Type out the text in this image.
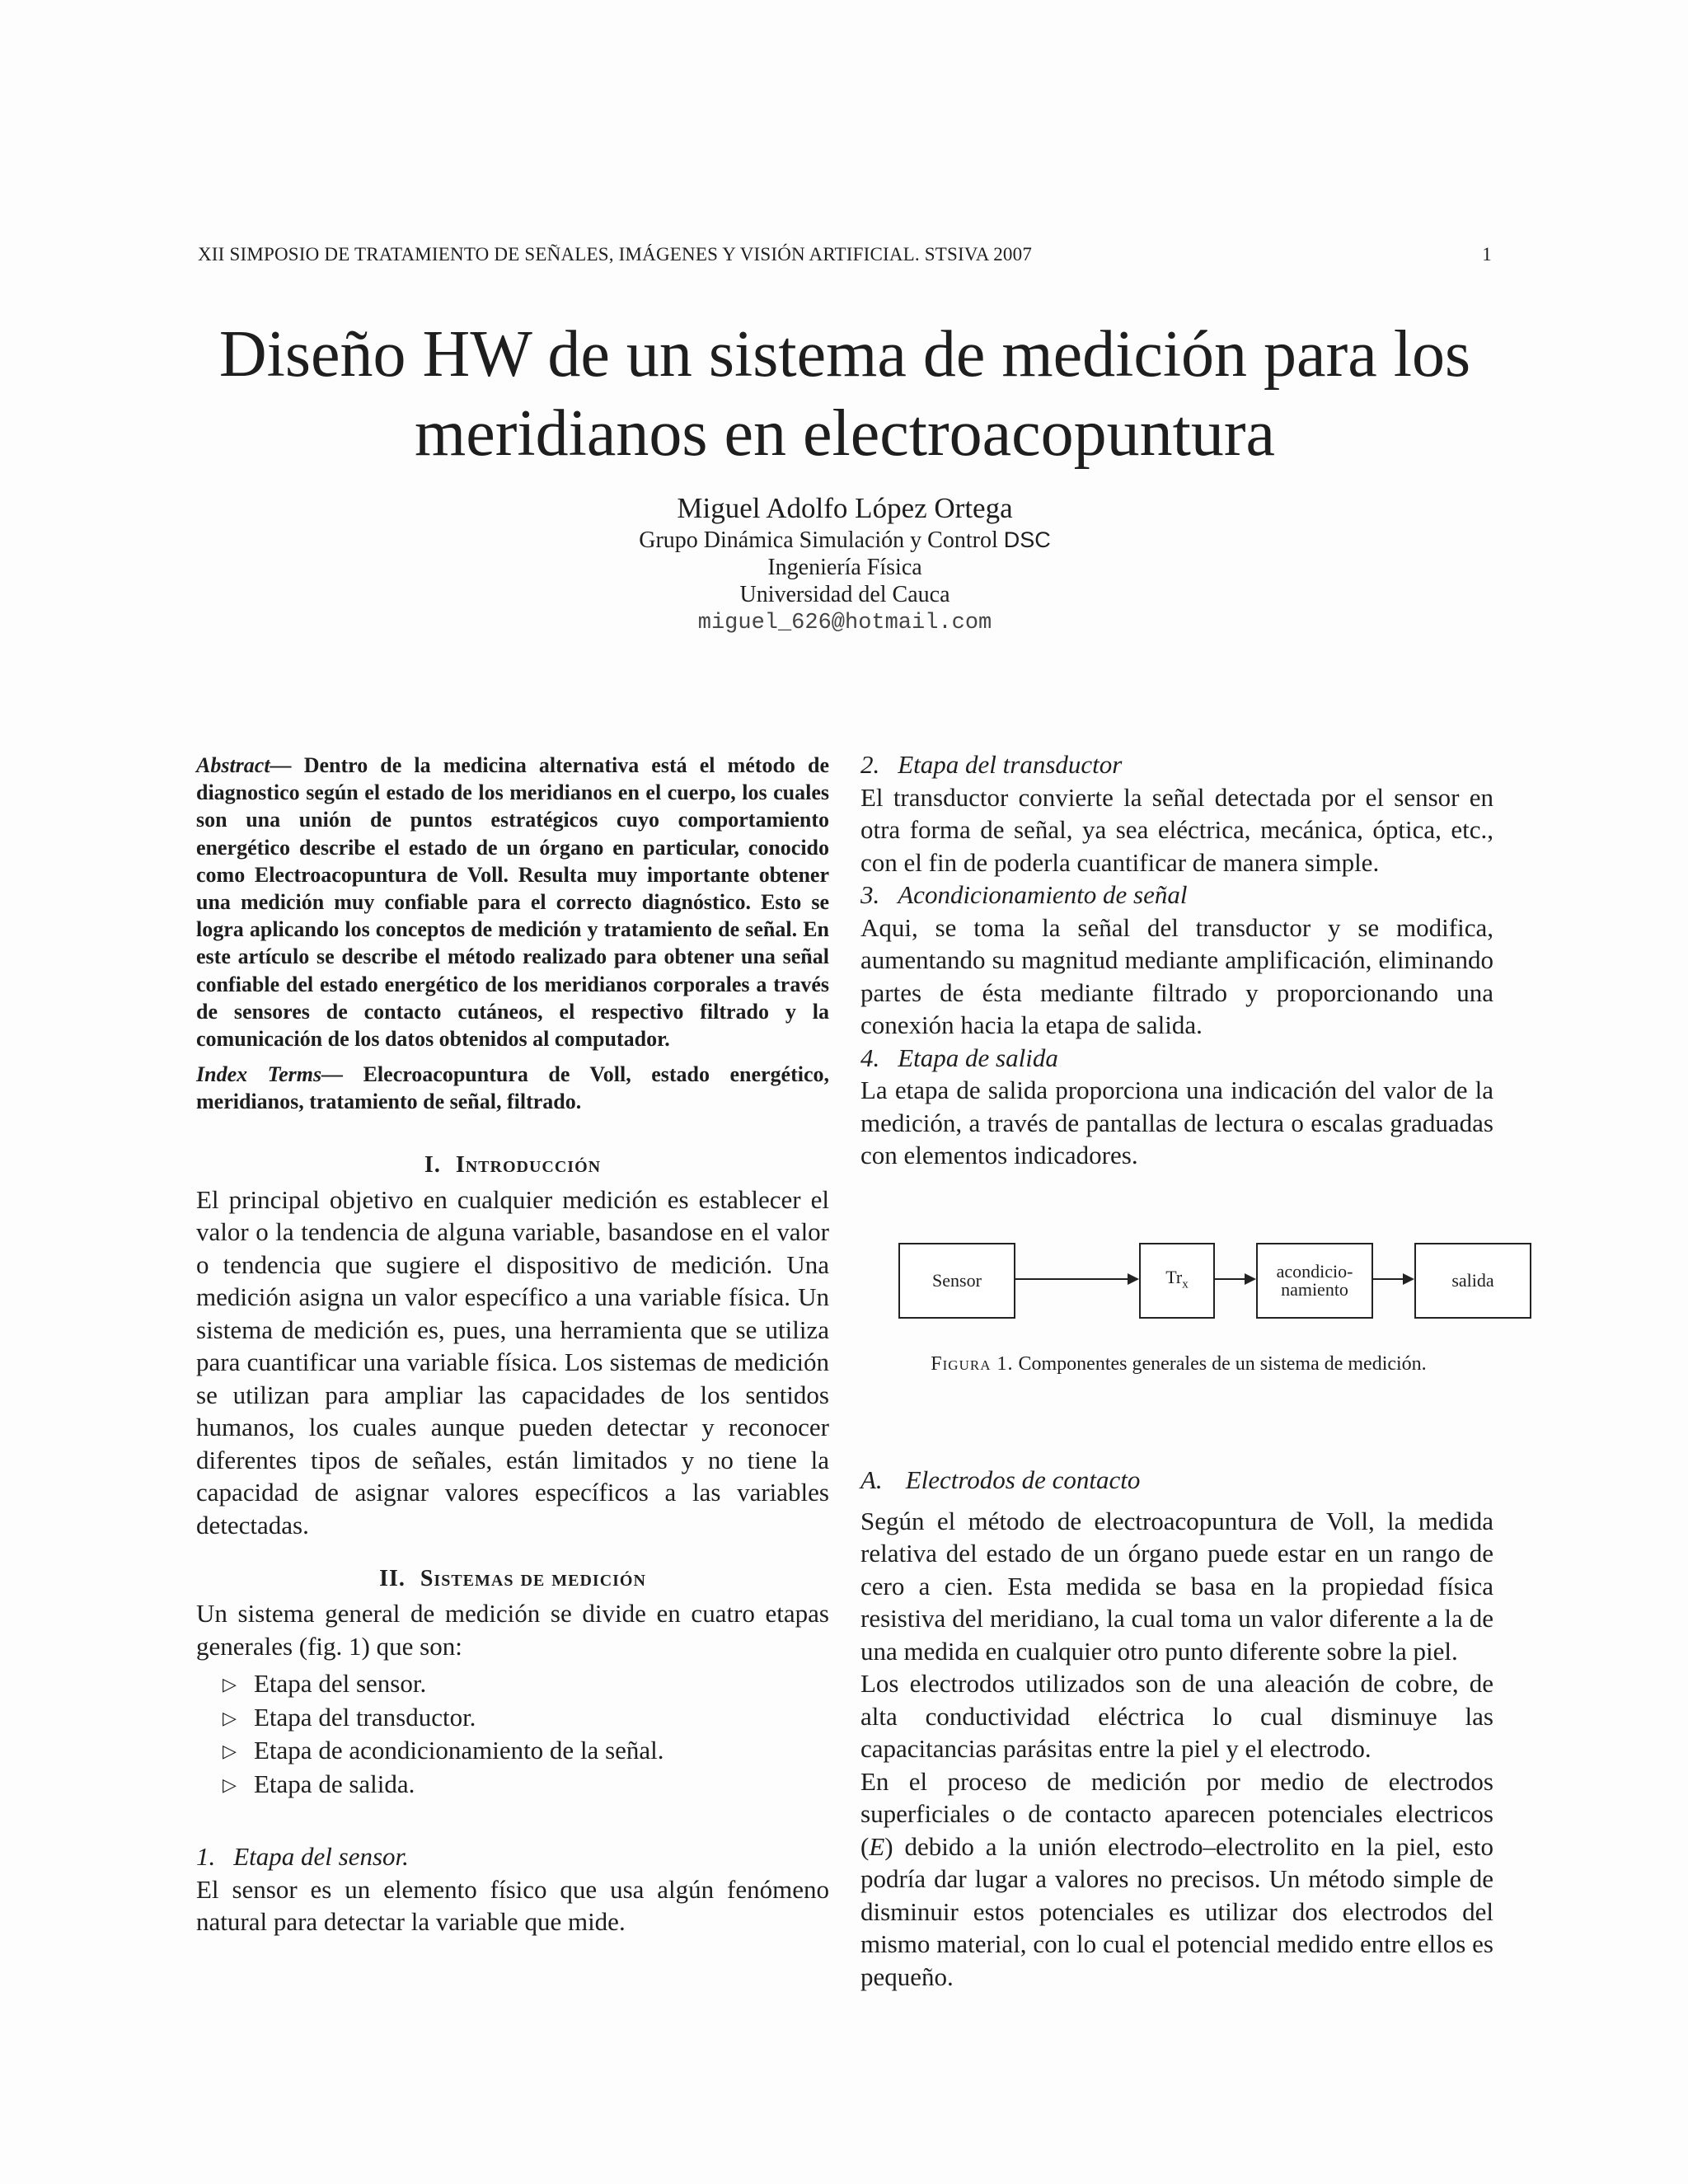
XII SIMPOSIO DE TRATAMIENTO DE SEÑALES, IMÁGENES Y VISIÓN ARTIFICIAL. STSIVA 2007	1
Diseño HW de un sistema de medición para los
meridianos en electroacopuntura
Miguel Adolfo López Ortega
Grupo Dinámica Simulación y Control DSC
Ingeniería Física
Universidad del Cauca
miguel_626@hotmail.com

Abstract— Dentro de la medicina alternativa está el método de diagnostico según el estado de los meridianos en el cuerpo, los cuales son una unión de puntos estratégicos cuyo comportamiento energético describe el estado de un órgano en particular, conocido como Electroacopuntura de Voll. Resulta muy importante obtener una medición muy confiable para el correcto diagnóstico. Esto se logra aplicando los conceptos de medición y tratamiento de señal. En este artículo se describe el método realizado para obtener una señal confiable del estado energético de los meridianos corporales a través de sensores de contacto cutáneos, el respectivo filtrado y la comunicación de los datos obtenidos al computador.

Index Terms— Elecroacopuntura de Voll, estado energético, meridianos, tratamiento de señal, filtrado.

I. Introducción

El principal objetivo en cualquier medición es establecer el valor o la tendencia de alguna variable, basandose en el valor o tendencia que sugiere el dispositivo de medición. Una medición asigna un valor específico a una variable física. Un sistema de medición es, pues, una herramienta que se utiliza para cuantificar una variable física. Los sistemas de medición se utilizan para ampliar las capacidades de los sentidos humanos, los cuales aunque pueden detectar y reconocer diferentes tipos de señales, están limitados y no tiene la capacidad de asignar valores específicos a las variables detectadas.

II. Sistemas de medición

Un sistema general de medición se divide en cuatro etapas generales (fig. 1) que son:

▷ Etapa del sensor.
▷ Etapa del transductor.
▷ Etapa de acondicionamiento de la señal.
▷ Etapa de salida.

1. Etapa del sensor.

El sensor es un elemento físico que usa algún fenómeno natural para detectar la variable que mide.

2. Etapa del transductor

El transductor convierte la señal detectada por el sensor en otra forma de señal, ya sea eléctrica, mecánica, óptica, etc., con el fin de poderla cuantificar de manera simple.

3. Acondicionamiento de señal

Aqui, se toma la señal del transductor y se modifica, aumentando su magnitud mediante amplificación, eliminando partes de ésta mediante filtrado y proporcionando una conexión hacia la etapa de salida.

4. Etapa de salida

La etapa de salida proporciona una indicación del valor de la medición, a través de pantallas de lectura o escalas graduadas con elementos indicadores.

Sensor	$Tr_x$
acondicio-
namiento	salida
Figura 1. Componentes generales de un sistema de medición.

A. Electrodos de contacto

Según el método de electroacopuntura de Voll, la medida relativa del estado de un órgano puede estar en un rango de cero a cien. Esta medida se basa en la propiedad física resistiva del meridiano, la cual toma un valor diferente a la de una medida en cualquier otro punto diferente sobre la piel.

Los electrodos utilizados son de una aleación de cobre, de alta conductividad eléctrica lo cual disminuye las capacitancias parásitas entre la piel y el electrodo.

En el proceso de medición por medio de electrodos superficiales o de contacto aparecen potenciales electricos (E) debido a la unión electrodo–electrolito en la piel, esto podría dar lugar a valores no precisos. Un método simple de disminuir estos potenciales es utilizar dos electrodos del mismo material, con lo cual el potencial medido entre ellos es pequeño.
